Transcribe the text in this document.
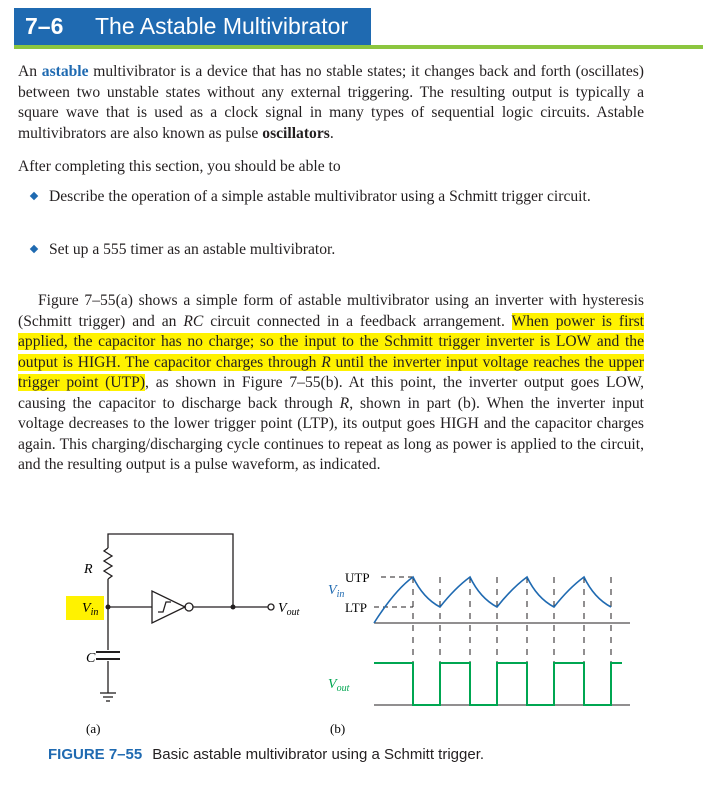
7–6 The Astable Multivibrator

An astable multivibrator is a device that has no stable states; it changes back and forth (oscillates) between two unstable states without any external triggering. The resulting output is typically a square wave that is used as a clock signal in many types of sequential logic circuits. Astable multivibrators are also known as pulse oscillators.

After completing this section, you should be able to

Describe the operation of a simple astable multivibrator using a Schmitt trigger circuit.
Set up a 555 timer as an astable multivibrator.

Figure 7–55(a) shows a simple form of astable multivibrator using an inverter with hysteresis (Schmitt trigger) and an RC circuit connected in a feedback arrangement. When power is first applied, the capacitor has no charge; so the input to the Schmitt trigger inverter is LOW and the output is HIGH. The capacitor charges through R until the inverter input voltage reaches the upper trigger point (UTP), as shown in Figure 7–55(b). At this point, the inverter output goes LOW, causing the capacitor to discharge back through R, shown in part (b). When the inverter input voltage decreases to the lower trigger point (LTP), its output goes HIGH and the capacitor charges again. This charging/discharging cycle continues to repeat as long as power is applied to the circuit, and the resulting output is a pulse waveform, as indicated.

R
C
$V_{in}$	$V_{out}$
(a)
UTP
LTP
$V_{in}$
$V_{out}$
(b)
FIGURE 7–55 Basic astable multivibrator using a Schmitt trigger.
